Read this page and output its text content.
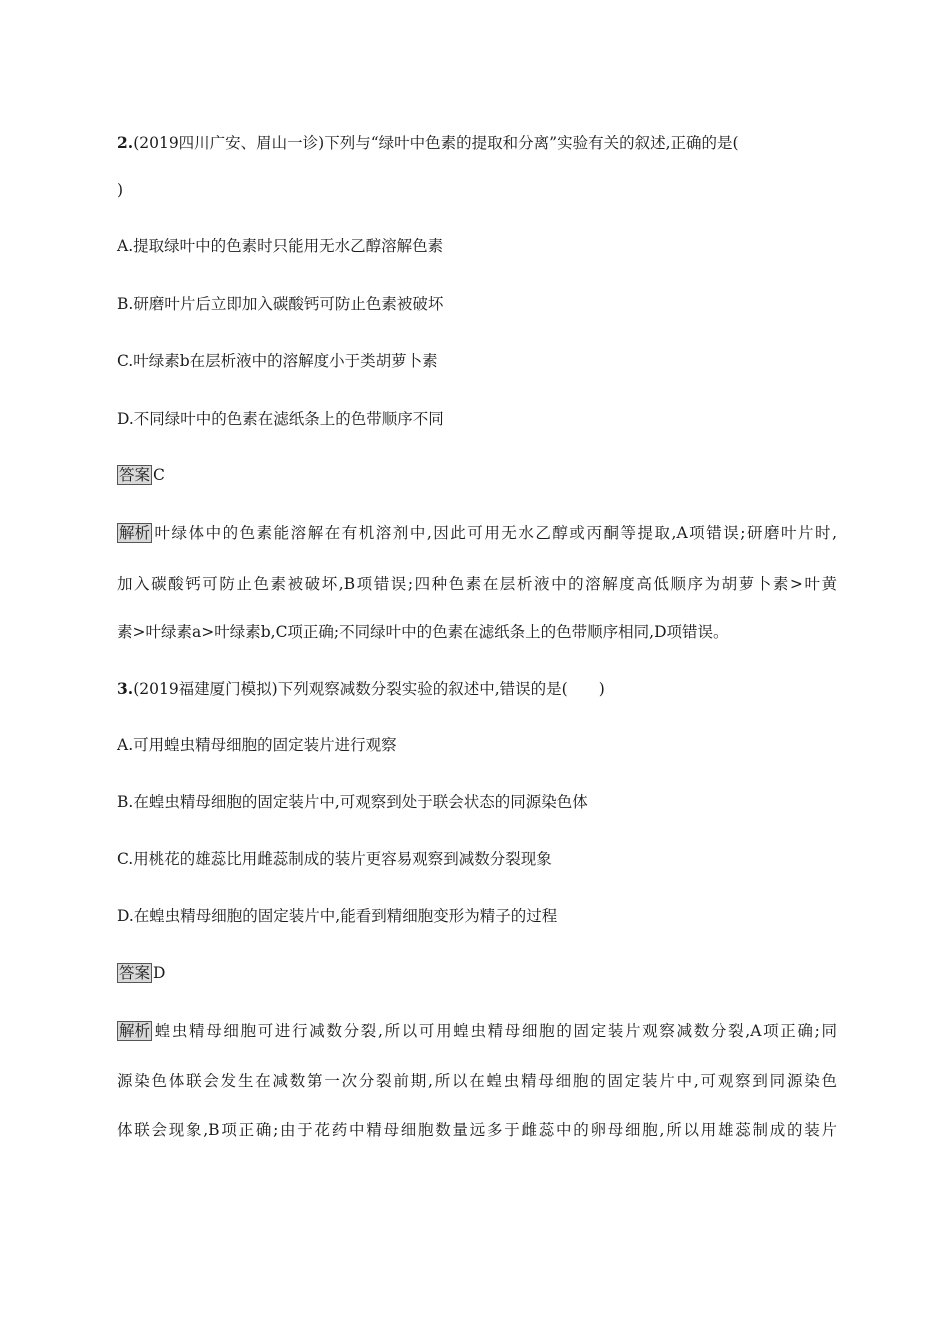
2.(2019四川广安、眉山一诊)下列与“绿叶中色素的提取和分离”实验有关的叙述,正确的是(
)
A.提取绿叶中的色素时只能用无水乙醇溶解色素
B.研磨叶片后立即加入碳酸钙可防止色素被破坏
C.叶绿素b在层析液中的溶解度小于类胡萝卜素
D.不同绿叶中的色素在滤纸条上的色带顺序不同
答案 C
解析 叶绿体中的色素能溶解在有机溶剂中,因此可用无水乙醇或丙酮等提取,A项错误;研磨叶片时,
加入碳酸钙可防止色素被破坏,B项错误;四种色素在层析液中的溶解度高低顺序为胡萝卜素>叶黄
素>叶绿素a>叶绿素b,C项正确;不同绿叶中的色素在滤纸条上的色带顺序相同,D项错误。
3.(2019福建厦门模拟)下列观察减数分裂实验的叙述中,错误的是(　　)
A.可用蝗虫精母细胞的固定装片进行观察
B.在蝗虫精母细胞的固定装片中,可观察到处于联会状态的同源染色体
C.用桃花的雄蕊比用雌蕊制成的装片更容易观察到减数分裂现象
D.在蝗虫精母细胞的固定装片中,能看到精细胞变形为精子的过程
答案 D
解析 蝗虫精母细胞可进行减数分裂,所以可用蝗虫精母细胞的固定装片观察减数分裂,A项正确;同
源染色体联会发生在减数第一次分裂前期,所以在蝗虫精母细胞的固定装片中,可观察到同源染色
体联会现象,B项正确;由于花药中精母细胞数量远多于雌蕊中的卵母细胞,所以用雄蕊制成的装片
